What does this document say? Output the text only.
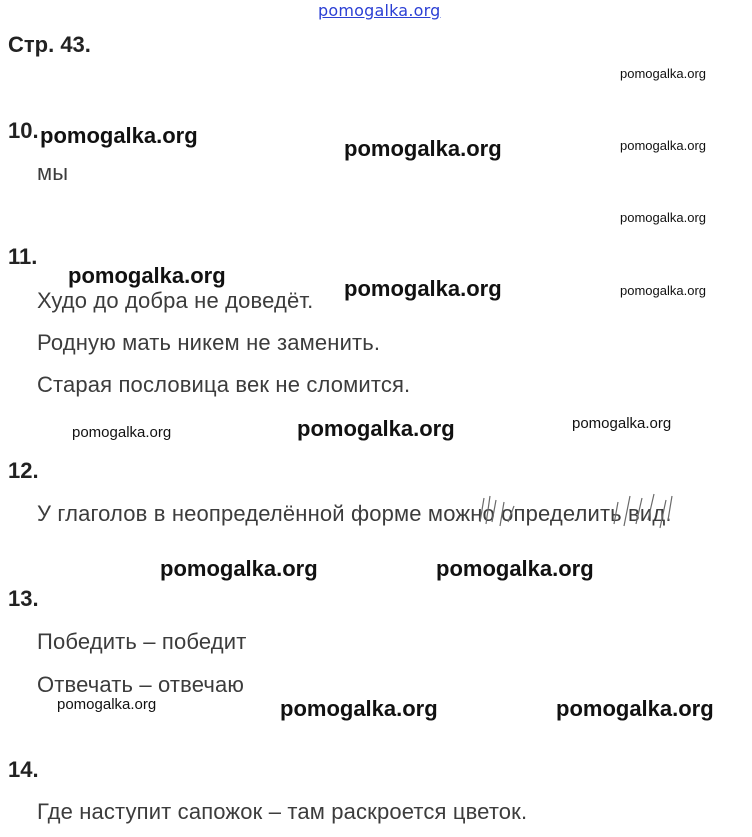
pomogalka.org
Стр. 43.
10.
мы
11.
Худо до добра не доведёт.
Родную мать никем не заменить.
Старая пословица век не сломится.
12.
У глаголов в неопределённой форме можно определить вид.
13.
Победить – победит
Отвечать – отвечаю
14.
Где наступит сапожок – там раскроется цветок.
pomogalka.org
pomogalka.org
pomogalka.org	pomogalka.org
pomogalka.org
pomogalka.org
pomogalka.org	pomogalka.org
pomogalka.org	pomogalka.org	pomogalka.org
pomogalka.org	pomogalka.org
pomogalka.org	pomogalka.org	pomogalka.org
